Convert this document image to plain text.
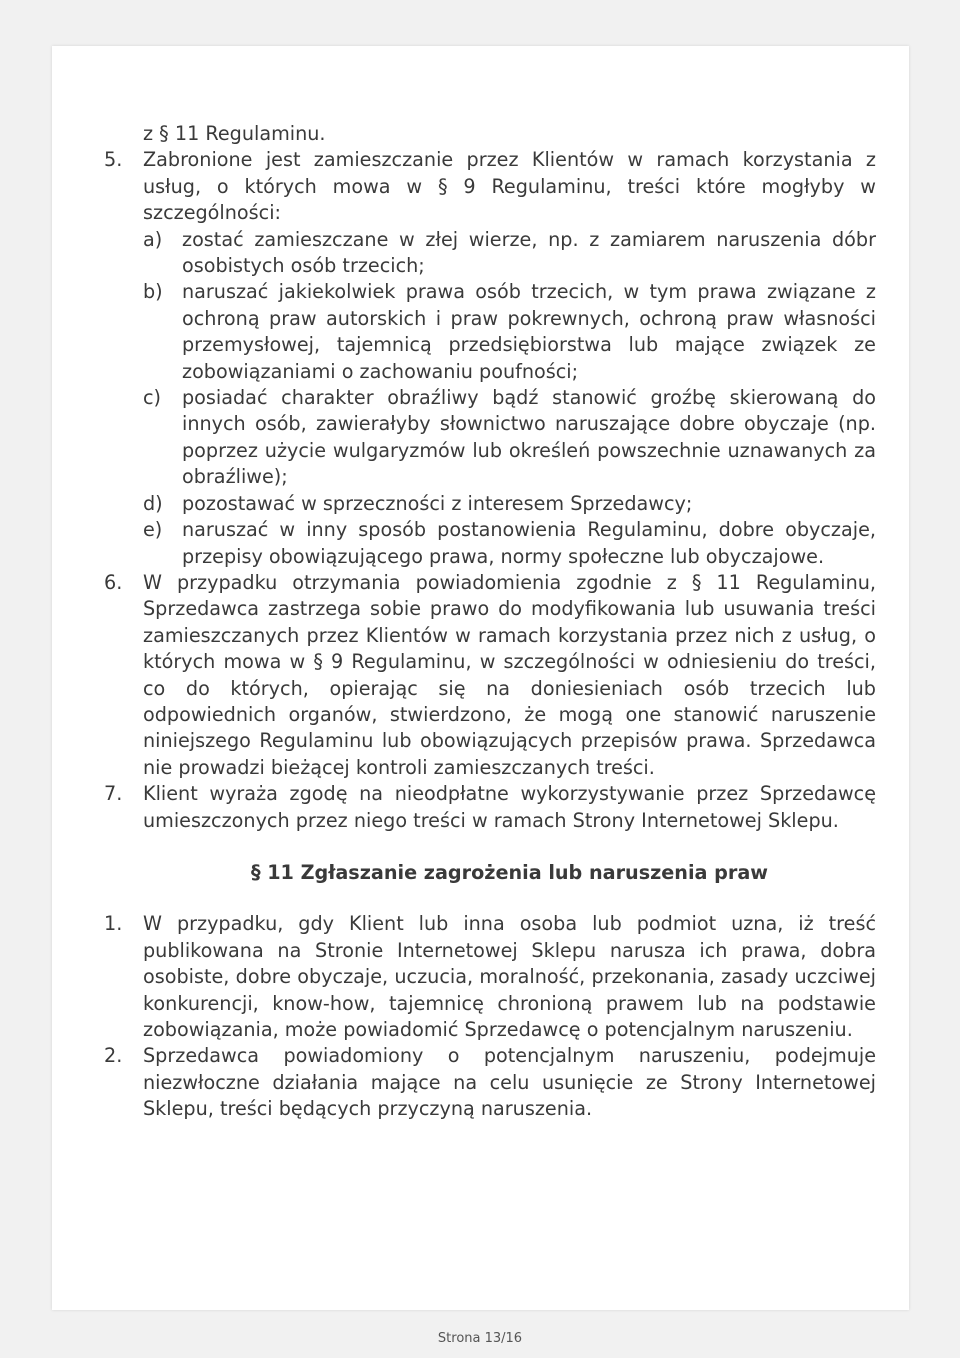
z § 11 Regulaminu.
5.	Zabronione jest zamieszczanie przez Klientów w ramach korzystania z usług, o których mowa w § 9 Regulaminu, treści które mogłyby w szczególności:
a)	zostać zamieszczane w złej wierze, np. z zamiarem naruszenia dóbr osobistych osób trzecich;
b)	naruszać jakiekolwiek prawa osób trzecich, w tym prawa związane z ochroną praw autorskich i praw pokrewnych, ochroną praw własności przemysłowej, tajemnicą przedsiębiorstwa lub mające związek ze zobowiązaniami o zachowaniu poufności;
c)	posiadać charakter obraźliwy bądź stanowić groźbę skierowaną do innych osób, zawierałyby słownictwo naruszające dobre obyczaje (np. poprzez użycie wulgaryzmów lub określeń powszechnie uznawanych za obraźliwe);
d)	pozostawać w sprzeczności z interesem Sprzedawcy;
e)	naruszać w inny sposób postanowienia Regulaminu, dobre obyczaje, przepisy obowiązującego prawa, normy społeczne lub obyczajowe.
6.	W przypadku otrzymania powiadomienia zgodnie z § 11 Regulaminu, Sprzedawca zastrzega sobie prawo do modyfikowania lub usuwania treści zamieszczanych przez Klientów w ramach korzystania przez nich z usług, o których mowa w § 9 Regulaminu, w szczególności w odniesieniu do treści, co do których, opierając się na doniesieniach osób trzecich lub odpowiednich organów, stwierdzono, że mogą one stanowić naruszenie niniejszego Regulaminu lub obowiązujących przepisów prawa. Sprzedawca nie prowadzi bieżącej kontroli zamieszczanych treści.
7.	Klient wyraża zgodę na nieodpłatne wykorzystywanie przez Sprzedawcę umieszczonych przez niego treści w ramach Strony Internetowej Sklepu.
§ 11 Zgłaszanie zagrożenia lub naruszenia praw
1.	W przypadku, gdy Klient lub inna osoba lub podmiot uzna, iż treść publikowana na Stronie Internetowej Sklepu narusza ich prawa, dobra osobiste, dobre obyczaje, uczucia, moralność, przekonania, zasady uczciwej konkurencji, know-how, tajemnicę chronioną prawem lub na podstawie zobowiązania, może powiadomić Sprzedawcę o potencjalnym naruszeniu.
2.	Sprzedawca powiadomiony o potencjalnym naruszeniu, podejmuje niezwłoczne działania mające na celu usunięcie ze Strony Internetowej Sklepu, treści będących przyczyną naruszenia.
Strona 13/16
